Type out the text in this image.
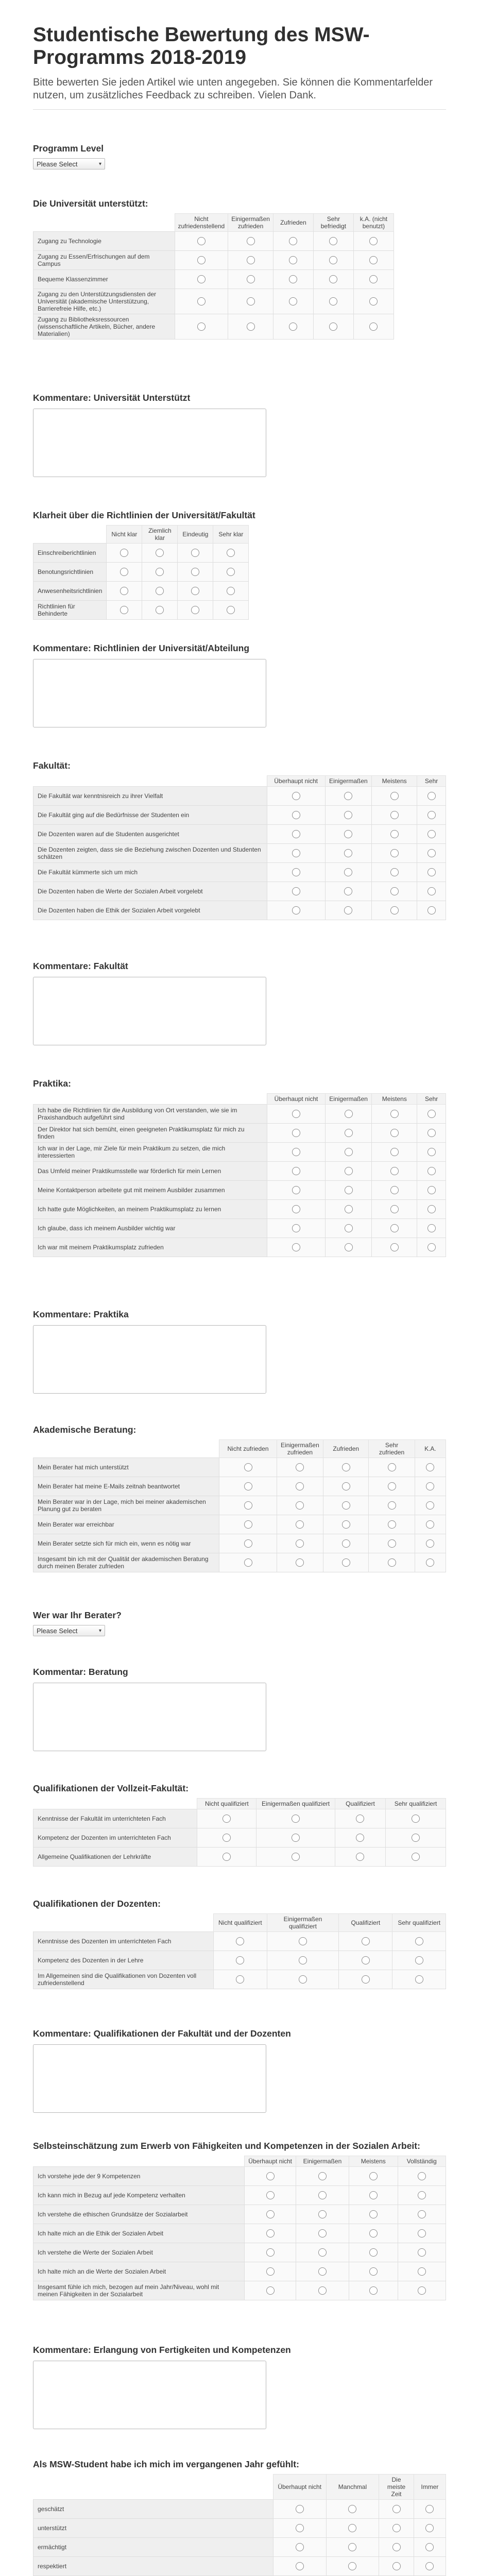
Studentische Bewertung des MSW-Programms 2018-2019

Bitte bewerten Sie jeden Artikel wie unten angegeben. Sie können die Kommentarfelder nutzen, um zusätzliches Feedback zu schreiben. Vielen Dank.

Programm Level

Please Select	▾

Die Universität unterstützt:

	Nicht zufriedenstellend	Einigermaßen zufrieden	Zufrieden	Sehr befriedigt	k.A. (nicht benutzt)
Zugang zu Technologie					
Zugang zu Essen/Erfrischungen auf dem Campus					
Bequeme Klassenzimmer					
Zugang zu den Unterstützungsdiensten der Universität (akademische Unterstützung, Barrierefreie Hilfe, etc.)					
Zugang zu Bibliotheksressourcen (wissenschaftliche Artikeln, Bücher, andere Materialien)					

Kommentare: Universität Unterstützt

Klarheit über die Richtlinien der Universität/Fakultät

	Nicht klar	Ziemlich klar	Eindeutig	Sehr klar
Einschreiberichtlinien				
Benotungsrichtlinien				
Anwesenheitsrichtlinien				
Richtlinien für Behinderte				

Kommentare: Richtlinien der Universität/Abteilung

Fakultät:

	Überhaupt nicht	Einigermaßen	Meistens	Sehr
Die Fakultät war kenntnisreich zu ihrer Vielfalt				
Die Fakultät ging auf die Bedürfnisse der Studenten ein				
Die Dozenten waren auf die Studenten ausgerichtet				
Die Dozenten zeigten, dass sie die Beziehung zwischen Dozenten und Studenten schätzen				
Die Fakultät kümmerte sich um mich				
Die Dozenten haben die Werte der Sozialen Arbeit vorgelebt				
Die Dozenten haben die Ethik der Sozialen Arbeit vorgelebt				

Kommentare: Fakultät

Praktika:

	Überhaupt nicht	Einigermaßen	Meistens	Sehr
Ich habe die Richtlinien für die Ausbildung von Ort verstanden, wie sie im Praxishandbuch aufgeführt sind				
Der Direktor hat sich bemüht, einen geeigneten Praktikumsplatz für mich zu finden				
Ich war in der Lage, mir Ziele für mein Praktikum zu setzen, die mich interessierten				
Das Umfeld meiner Praktikumsstelle war förderlich für mein Lernen				
Meine Kontaktperson arbeitete gut mit meinem Ausbilder zusammen				
Ich hatte gute Möglichkeiten, an meinem Praktikumsplatz zu lernen				
Ich glaube, dass ich meinem Ausbilder wichtig war				
Ich war mit meinem Praktikumsplatz zufrieden				

Kommentare: Praktika

Akademische Beratung:

	Nicht zufrieden	Einigermaßen zufrieden	Zufrieden	Sehr zufrieden	K.A.
Mein Berater hat mich unterstützt					
Mein Berater hat meine E-Mails zeitnah beantwortet					
Mein Berater war in der Lage, mich bei meiner akademischen Planung gut zu beraten					
Mein Berater war erreichbar					
Mein Berater setzte sich für mich ein, wenn es nötig war					
Insgesamt bin ich mit der Qualität der akademischen Beratung durch meinen Berater zufrieden					

Wer war Ihr Berater?

Please Select	▾

Kommentar: Beratung

Qualifikationen der Vollzeit-Fakultät:

	Nicht qualifiziert	Einigermaßen qualifiziert	Qualifiziert	Sehr qualifiziert
Kenntnisse der Fakultät im unterrichteten Fach				
Kompetenz der Dozenten im unterrichteten Fach				
Allgemeine Qualifikationen der Lehrkräfte				

Qualifikationen der Dozenten:

	Nicht qualifiziert	Einigermaßen qualifiziert	Qualifiziert	Sehr qualifiziert
Kenntnisse des Dozenten im unterrichteten Fach				
Kompetenz des Dozenten in der Lehre				
Im Allgemeinen sind die Qualifikationen von Dozenten voll zufriedenstellend				

Kommentare: Qualifikationen der Fakultät und der Dozenten

Selbsteinschätzung zum Erwerb von Fähigkeiten und Kompetenzen in der Sozialen Arbeit:

	Überhaupt nicht	Einigermaßen	Meistens	Vollständig
Ich vorstehe jede der 9 Kompetenzen				
Ich kann mich in Bezug auf jede Kompetenz verhalten				
Ich verstehe die ethischen Grundsätze der Sozialarbeit				
Ich halte mich an die Ethik der Sozialen Arbeit				
Ich verstehe die Werte der Sozialen Arbeit				
Ich halte mich an die Werte der Sozialen Arbeit				
Insgesamt fühle ich mich, bezogen auf mein Jahr/Niveau, wohl mit meinen Fähigkeiten in der Sozialarbeit				

Kommentare: Erlangung von Fertigkeiten und Kompetenzen

Als MSW-Student habe ich mich im vergangenen Jahr gefühlt:

	Überhaupt nicht	Manchmal	Die meiste Zeit	Immer
geschätzt				
unterstützt				
ermächtigt				
respektiert				
